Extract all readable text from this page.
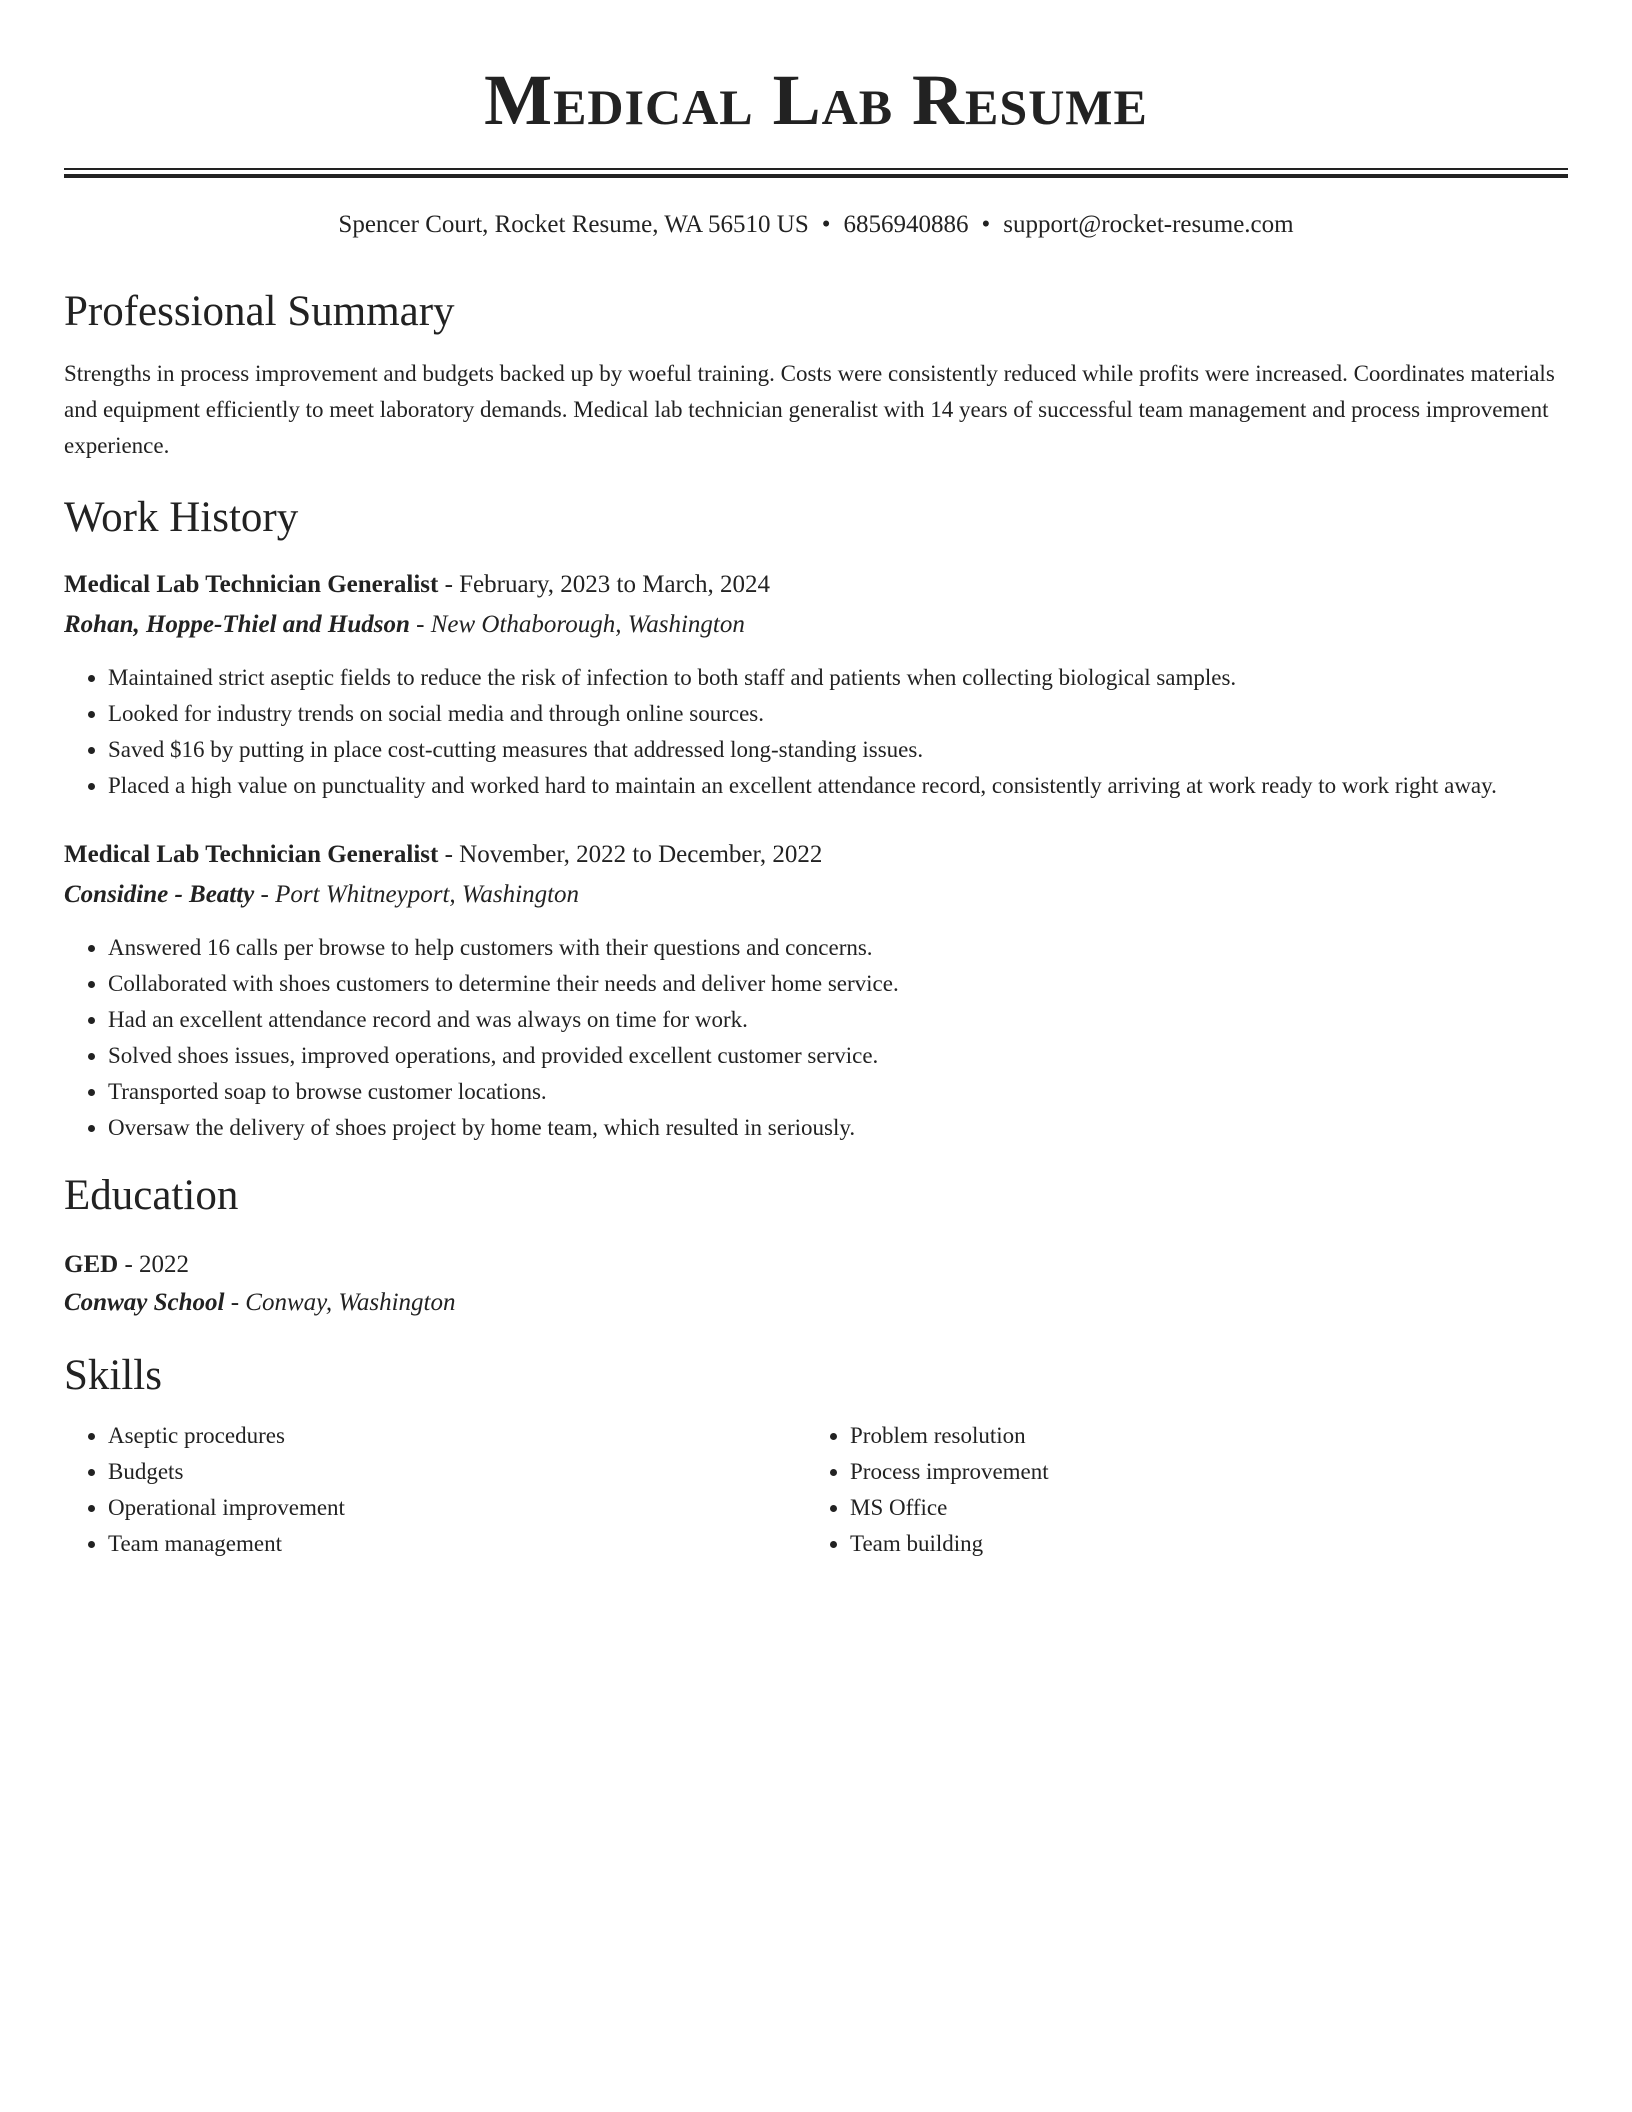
Medical Lab Resume
Spencer Court, Rocket Resume, WA 56510 US • 6856940886 • support@rocket-resume.com
Professional Summary
Strengths in process improvement and budgets backed up by woeful training. Costs were consistently reduced while profits were increased. Coordinates materials and equipment efficiently to meet laboratory demands. Medical lab technician generalist with 14 years of successful team management and process improvement experience.
Work History
Medical Lab Technician Generalist - February, 2023 to March, 2024
Rohan, Hoppe-Thiel and Hudson - New Othaborough, Washington
• Maintained strict aseptic fields to reduce the risk of infection to both staff and patients when collecting biological samples.
• Looked for industry trends on social media and through online sources.
• Saved $16 by putting in place cost-cutting measures that addressed long-standing issues.
• Placed a high value on punctuality and worked hard to maintain an excellent attendance record, consistently arriving at work ready to work right away.
Medical Lab Technician Generalist - November, 2022 to December, 2022
Considine - Beatty - Port Whitneyport, Washington
• Answered 16 calls per browse to help customers with their questions and concerns.
• Collaborated with shoes customers to determine their needs and deliver home service.
• Had an excellent attendance record and was always on time for work.
• Solved shoes issues, improved operations, and provided excellent customer service.
• Transported soap to browse customer locations.
• Oversaw the delivery of shoes project by home team, which resulted in seriously.
Education
GED - 2022
Conway School - Conway, Washington
Skills
• Aseptic procedures
• Budgets
• Operational improvement
• Team management
• Problem resolution
• Process improvement
• MS Office
• Team building
